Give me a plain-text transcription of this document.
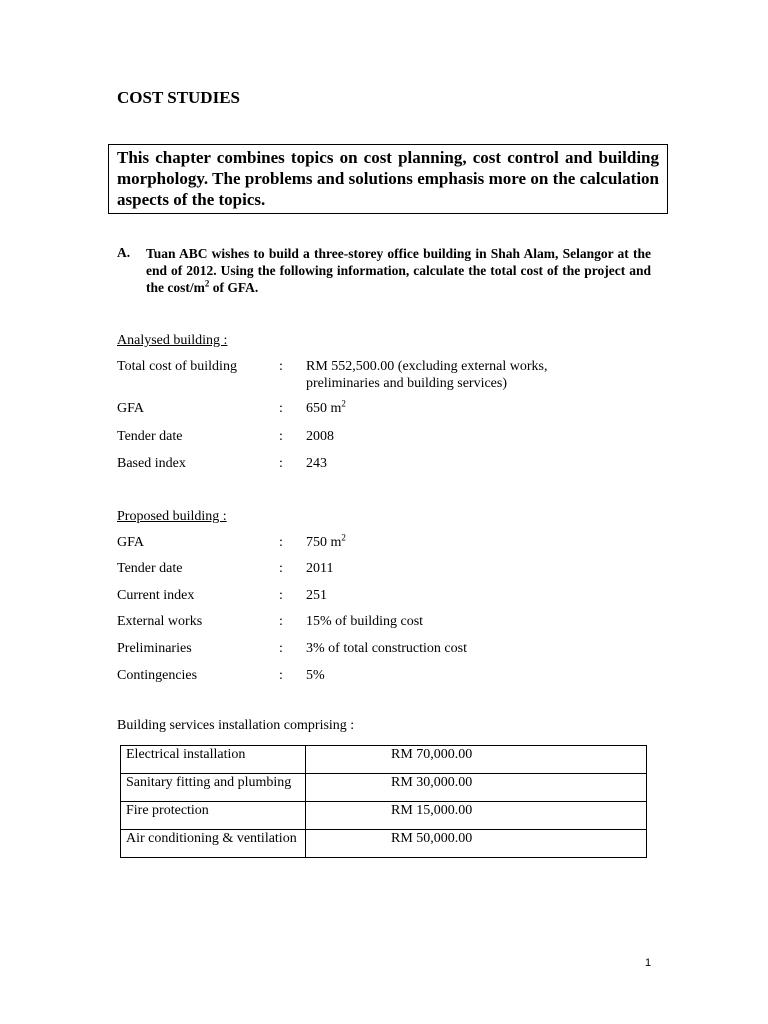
COST STUDIES
This chapter combines topics on cost planning, cost control and building morphology. The problems and solutions emphasis more on the calculation aspects of the topics.
A. Tuan ABC wishes to build a three-storey office building in Shah Alam, Selangor at the end of 2012. Using the following information, calculate the total cost of the project and the cost/$m^2$ of GFA.
Analysed building :
Total cost of building	: RM 552,500.00 (excluding external works, preliminaries and building services)
GFA	: 650 $m^2$
Tender date	: 2008
Based index	: 243
Proposed building :
GFA	: 750 $m^2$
Tender date	: 2011
Current index	: 251
External works	: 15% of building cost
Preliminaries	: 3% of total construction cost
Contingencies	: 5%
Building services installation comprising :
Electrical installation	RM 70,000.00
Sanitary fitting and plumbing	RM 30,000.00
Fire protection	RM 15,000.00
Air conditioning & ventilation	RM 50,000.00
1
